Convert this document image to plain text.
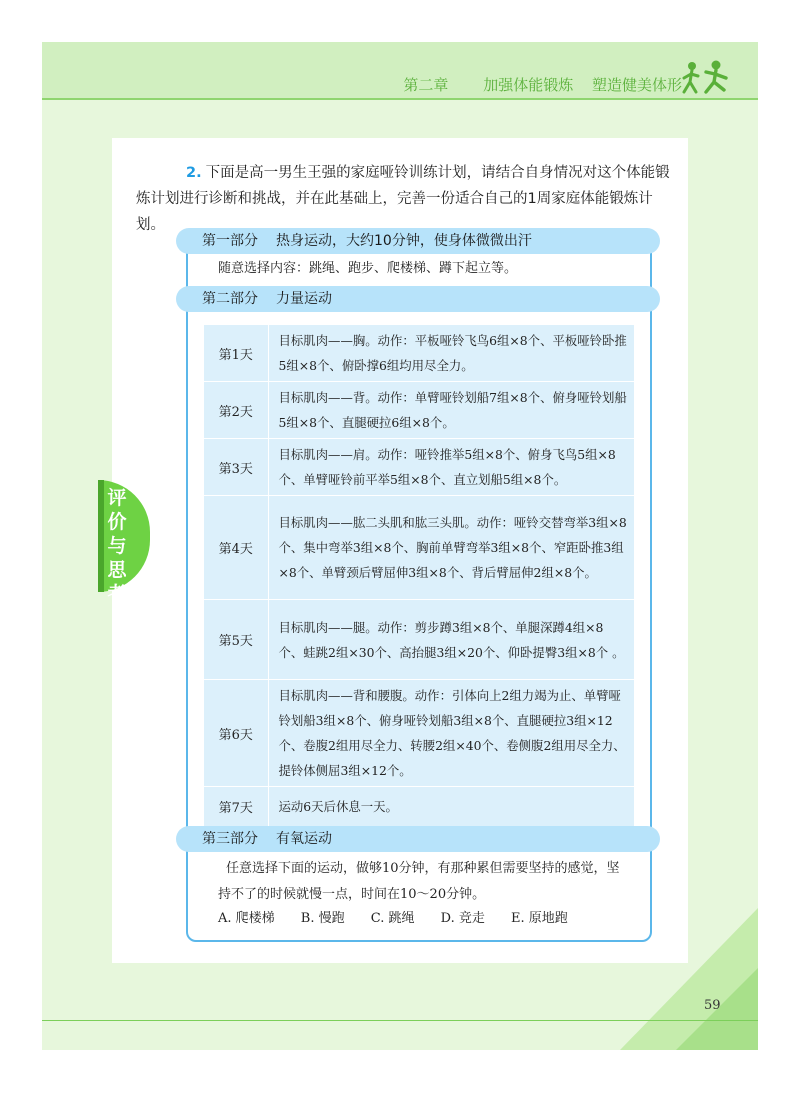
第二章 加强体能锻炼 塑造健美体形
评
价
与
思
考
2. 下面是高一男生王强的家庭哑铃训练计划，请结合自身情况对这个体能锻炼计划进行诊断和挑战，并在此基础上，完善一份适合自己的1周家庭体能锻炼计划。
第一部分 热身运动，大约10分钟，使身体微微出汗
随意选择内容：跳绳、跑步、爬楼梯、蹲下起立等。
第二部分 力量运动
第1天	目标肌肉——胸。动作：平板哑铃飞鸟6组×8个、平板哑铃卧推5组×8个、俯卧撑6组均用尽全力。
第2天	目标肌肉——背。动作：单臂哑铃划船7组×8个、俯身哑铃划船5组×8个、直腿硬拉6组×8个。
第3天	目标肌肉——肩。动作：哑铃推举5组×8个、俯身飞鸟5组×8个、单臂哑铃前平举5组×8个、直立划船5组×8个。
第4天	目标肌肉——肱二头肌和肱三头肌。动作：哑铃交替弯举3组×8个、集中弯举3组×8个、胸前单臂弯举3组×8个、窄距卧推3组×8个、单臂颈后臂屈伸3组×8个、背后臂屈伸2组×8个。
第5天	目标肌肉——腿。动作：剪步蹲3组×8个、单腿深蹲4组×8个、蛙跳2组×30个、高抬腿3组×20个、仰卧提臀3组×8个 。
第6天	目标肌肉——背和腰腹。动作：引体向上2组力竭为止、单臂哑铃划船3组×8个、俯身哑铃划船3组×8个、直腿硬拉3组×12个、卷腹2组用尽全力、转腰2组×40个、卷侧腹2组用尽全力、提铃体侧屈3组×12个。
第7天	运动6天后休息一天。
第三部分 有氧运动

任意选择下面的运动，做够10分钟，有那种累但需要坚持的感觉，坚

持不了的时候就慢一点，时间在10～20分钟。

A. 爬楼梯 B. 慢跑 C. 跳绳 D. 竞走 E. 原地跑
59
